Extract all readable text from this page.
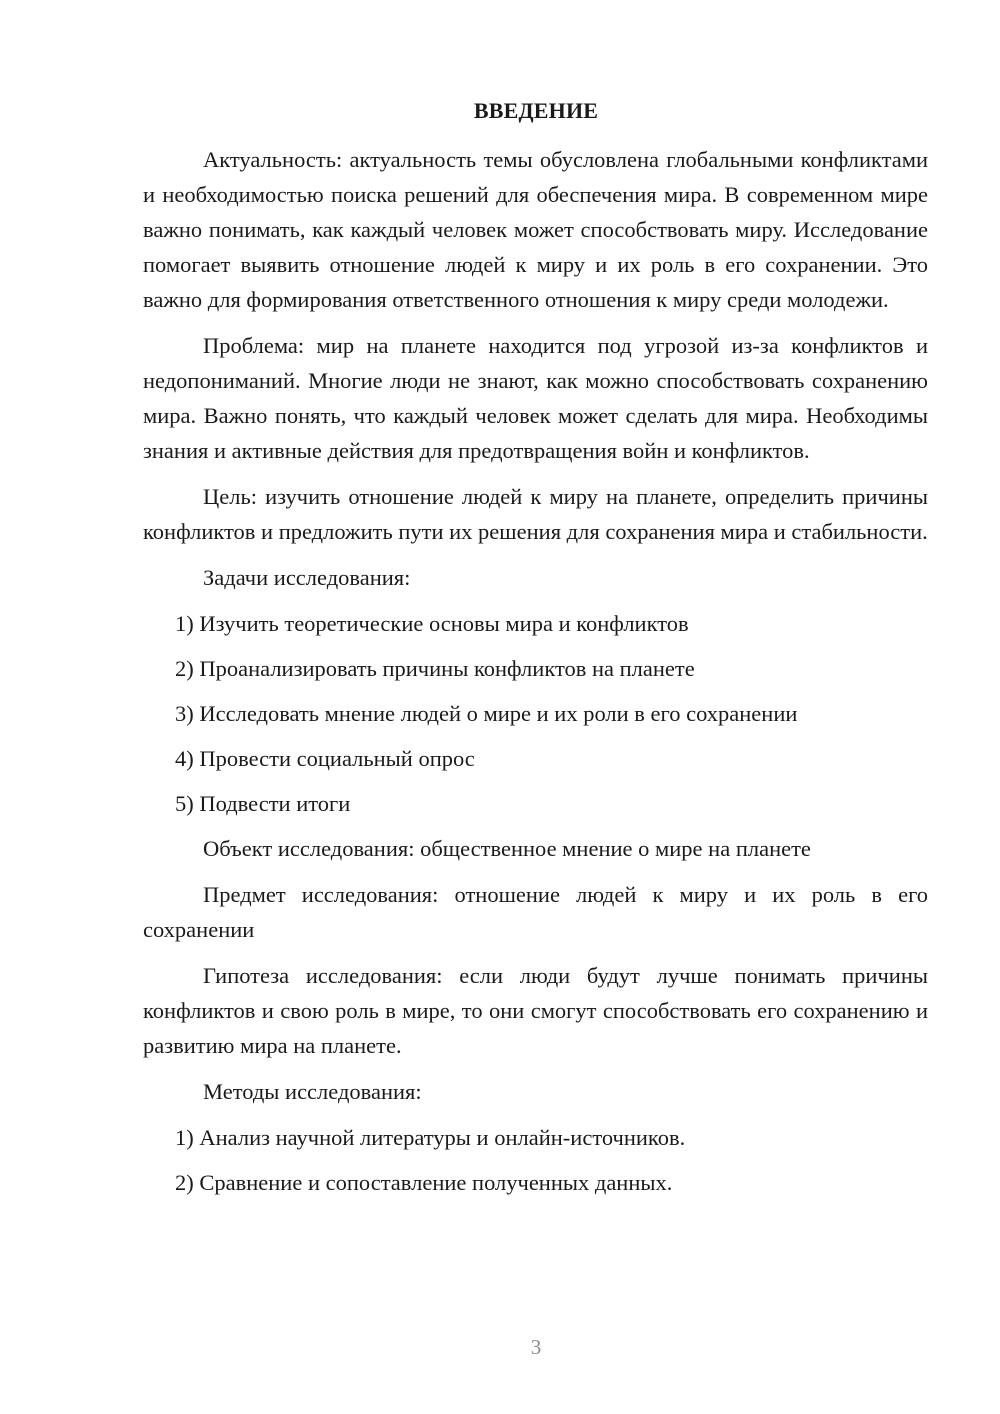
ВВЕДЕНИЕ

Актуальность: актуальность темы обусловлена глобальными конфликтами и необходимостью поиска решений для обеспечения мира. В современном мире важно понимать, как каждый человек может способствовать миру. Исследование помогает выявить отношение людей к миру и их роль в его сохранении. Это важно для формирования ответственного отношения к миру среди молодежи.

Проблема: мир на планете находится под угрозой из-за конфликтов и недопониманий. Многие люди не знают, как можно способствовать сохранению мира. Важно понять, что каждый человек может сделать для мира. Необходимы знания и активные действия для предотвращения войн и конфликтов.

Цель: изучить отношение людей к миру на планете, определить причины конфликтов и предложить пути их решения для сохранения мира и стабильности.

Задачи исследования:

1) Изучить теоретические основы мира и конфликтов
2) Проанализировать причины конфликтов на планете
3) Исследовать мнение людей о мире и их роли в его сохранении
4) Провести социальный опрос
5) Подвести итоги

Объект исследования: общественное мнение о мире на планете

Предмет исследования: отношение людей к миру и их роль в его сохранении

Гипотеза исследования: если люди будут лучше понимать причины конфликтов и свою роль в мире, то они смогут способствовать его сохранению и развитию мира на планете.

Методы исследования:

1) Анализ научной литературы и онлайн-источников.
2) Сравнение и сопоставление полученных данных.
3
